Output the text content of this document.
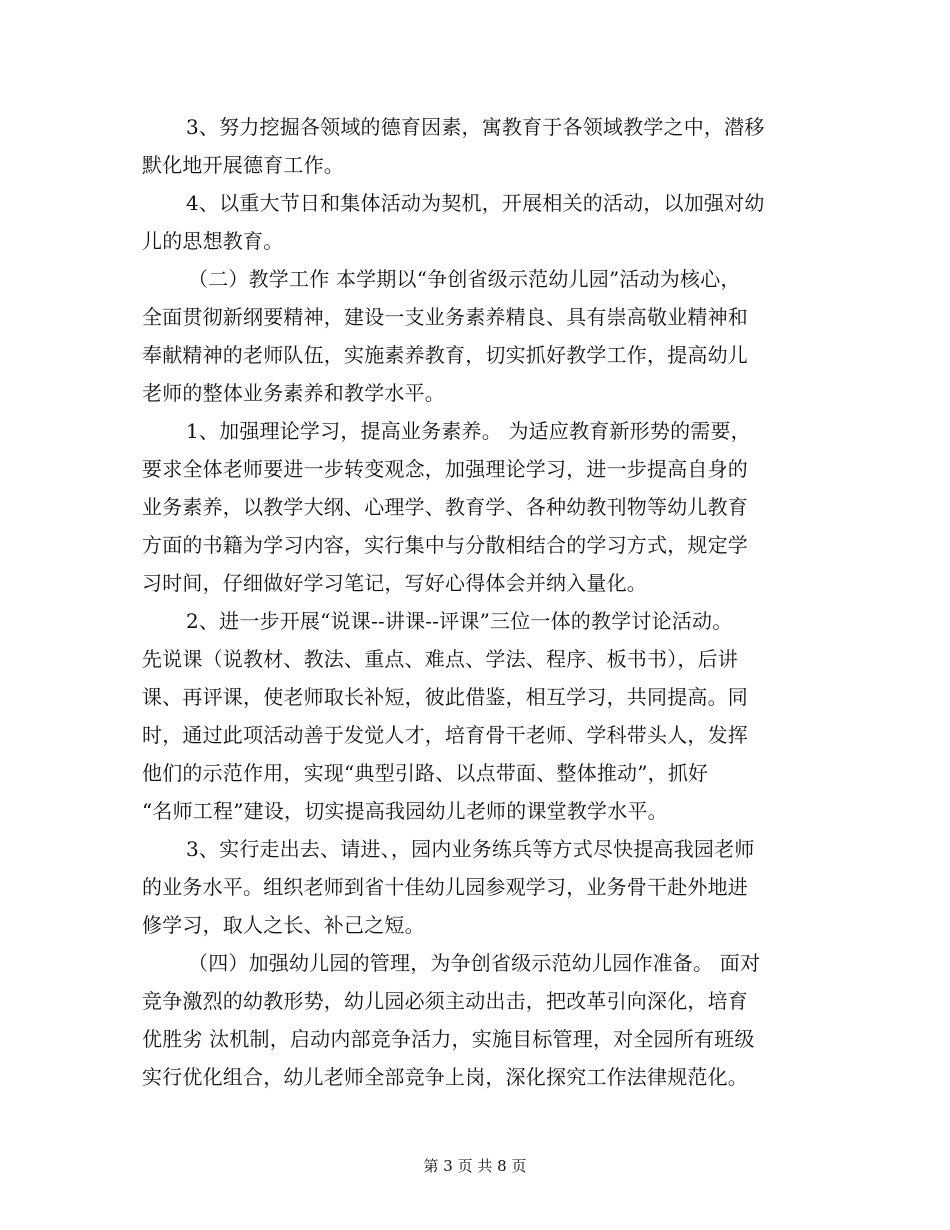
3、努力挖掘各领域的德育因素，寓教育于各领域教学之中，潜移
默化地开展德育工作。
4、以重大节日和集体活动为契机，开展相关的活动，以加强对幼
儿的思想教育。
（二）教学工作 本学期以“争创省级示范幼儿园”活动为核心，
全面贯彻新纲要精神，建设一支业务素养精良、具有崇高敬业精神和
奉献精神的老师队伍，实施素养教育，切实抓好教学工作，提高幼儿
老师的整体业务素养和教学水平。
1、加强理论学习，提高业务素养。 为适应教育新形势的需要，
要求全体老师要进一步转变观念，加强理论学习，进一步提高自身的
业务素养，以教学大纲、心理学、教育学、各种幼教刊物等幼儿教育
方面的书籍为学习内容，实行集中与分散相结合的学习方式，规定学
习时间，仔细做好学习笔记，写好心得体会并纳入量化。
2、进一步开展“说课--讲课--评课”三位一体的教学讨论活动。
先说课（说教材、教法、重点、难点、学法、程序、板书书），后讲
课、再评课，使老师取长补短，彼此借鉴，相互学习，共同提高。同
时，通过此项活动善于发觉人才，培育骨干老师、学科带头人，发挥
他们的示范作用，实现“典型引路、以点带面、整体推动”，抓好
“名师工程”建设，切实提高我园幼儿老师的课堂教学水平。
3、实行走出去、请进、，园内业务练兵等方式尽快提高我园老师
的业务水平。组织老师到省十佳幼儿园参观学习，业务骨干赴外地进
修学习，取人之长、补己之短。
（四）加强幼儿园的管理，为争创省级示范幼儿园作准备。 面对
竞争激烈的幼教形势，幼儿园必须主动出击，把改革引向深化，培育
优胜劣 汰机制，启动内部竞争活力，实施目标管理，对全园所有班级
实行优化组合，幼儿老师全部竞争上岗，深化探究工作法律规范化。
第 3 页 共 8 页
